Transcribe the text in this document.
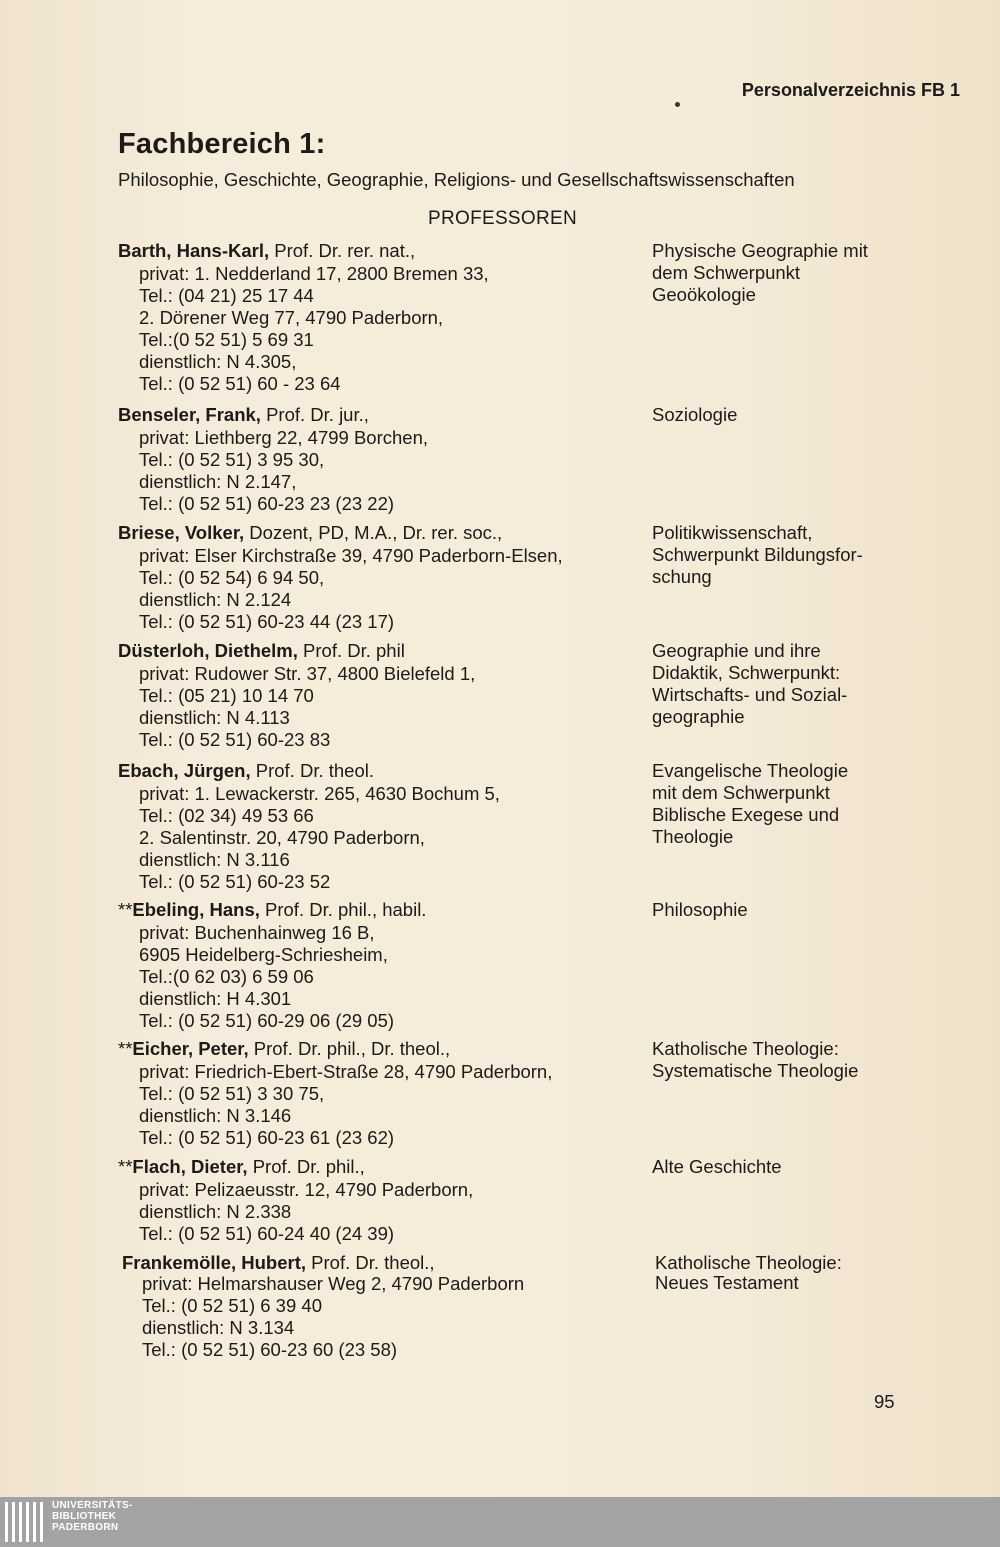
Personalverzeichnis FB 1
Fachbereich 1:
Philosophie, Geschichte, Geographie, Religions- und Gesellschaftswissenschaften
PROFESSOREN
Barth, Hans-Karl, Prof. Dr. rer. nat.,
privat: 1. Nedderland 17, 2800 Bremen 33,
Tel.: (04 21) 25 17 44
2. Dörener Weg 77, 4790 Paderborn,
Tel.:(0 52 51) 5 69 31
dienstlich: N 4.305,
Tel.: (0 52 51) 60 - 23 64
Physische Geographie mit
dem Schwerpunkt
Geoökologie
Benseler, Frank, Prof. Dr. jur.,
privat: Liethberg 22, 4799 Borchen,
Tel.: (0 52 51) 3 95 30,
dienstlich: N 2.147,
Tel.: (0 52 51) 60-23 23 (23 22)
Soziologie
Briese, Volker, Dozent, PD, M.A., Dr. rer. soc.,
privat: Elser Kirchstraße 39, 4790 Paderborn-Elsen,
Tel.: (0 52 54) 6 94 50,
dienstlich: N 2.124
Tel.: (0 52 51) 60-23 44 (23 17)
Politikwissenschaft,
Schwerpunkt Bildungsfor-
schung
Düsterloh, Diethelm, Prof. Dr. phil
privat: Rudower Str. 37, 4800 Bielefeld 1,
Tel.: (05 21) 10 14 70
dienstlich: N 4.113
Tel.: (0 52 51) 60-23 83
Geographie und ihre
Didaktik, Schwerpunkt:
Wirtschafts- und Sozial-
geographie
Ebach, Jürgen, Prof. Dr. theol.
privat: 1. Lewackerstr. 265, 4630 Bochum 5,
Tel.: (02 34) 49 53 66
2. Salentinstr. 20, 4790 Paderborn,
dienstlich: N 3.116
Tel.: (0 52 51) 60-23 52
Evangelische Theologie
mit dem Schwerpunkt
Biblische Exegese und
Theologie
**Ebeling, Hans, Prof. Dr. phil., habil.
privat: Buchenhainweg 16 B,
6905 Heidelberg-Schriesheim,
Tel.:(0 62 03) 6 59 06
dienstlich: H 4.301
Tel.: (0 52 51) 60-29 06 (29 05)
Philosophie
**Eicher, Peter, Prof. Dr. phil., Dr. theol.,
privat: Friedrich-Ebert-Straße 28, 4790 Paderborn,
Tel.: (0 52 51) 3 30 75,
dienstlich: N 3.146
Tel.: (0 52 51) 60-23 61 (23 62)
Katholische Theologie:
Systematische Theologie
**Flach, Dieter, Prof. Dr. phil.,
privat: Pelizaeusstr. 12, 4790 Paderborn,
dienstlich: N 2.338
Tel.: (0 52 51) 60-24 40 (24 39)
Alte Geschichte
Frankemölle, Hubert, Prof. Dr. theol.,
privat: Helmarshauser Weg 2, 4790 Paderborn
Tel.: (0 52 51) 6 39 40
dienstlich: N 3.134
Tel.: (0 52 51) 60-23 60 (23 58)
Katholische Theologie:
Neues Testament
95
UNIVERSITÄTS-
BIBLIOTHEK
PADERBORN
